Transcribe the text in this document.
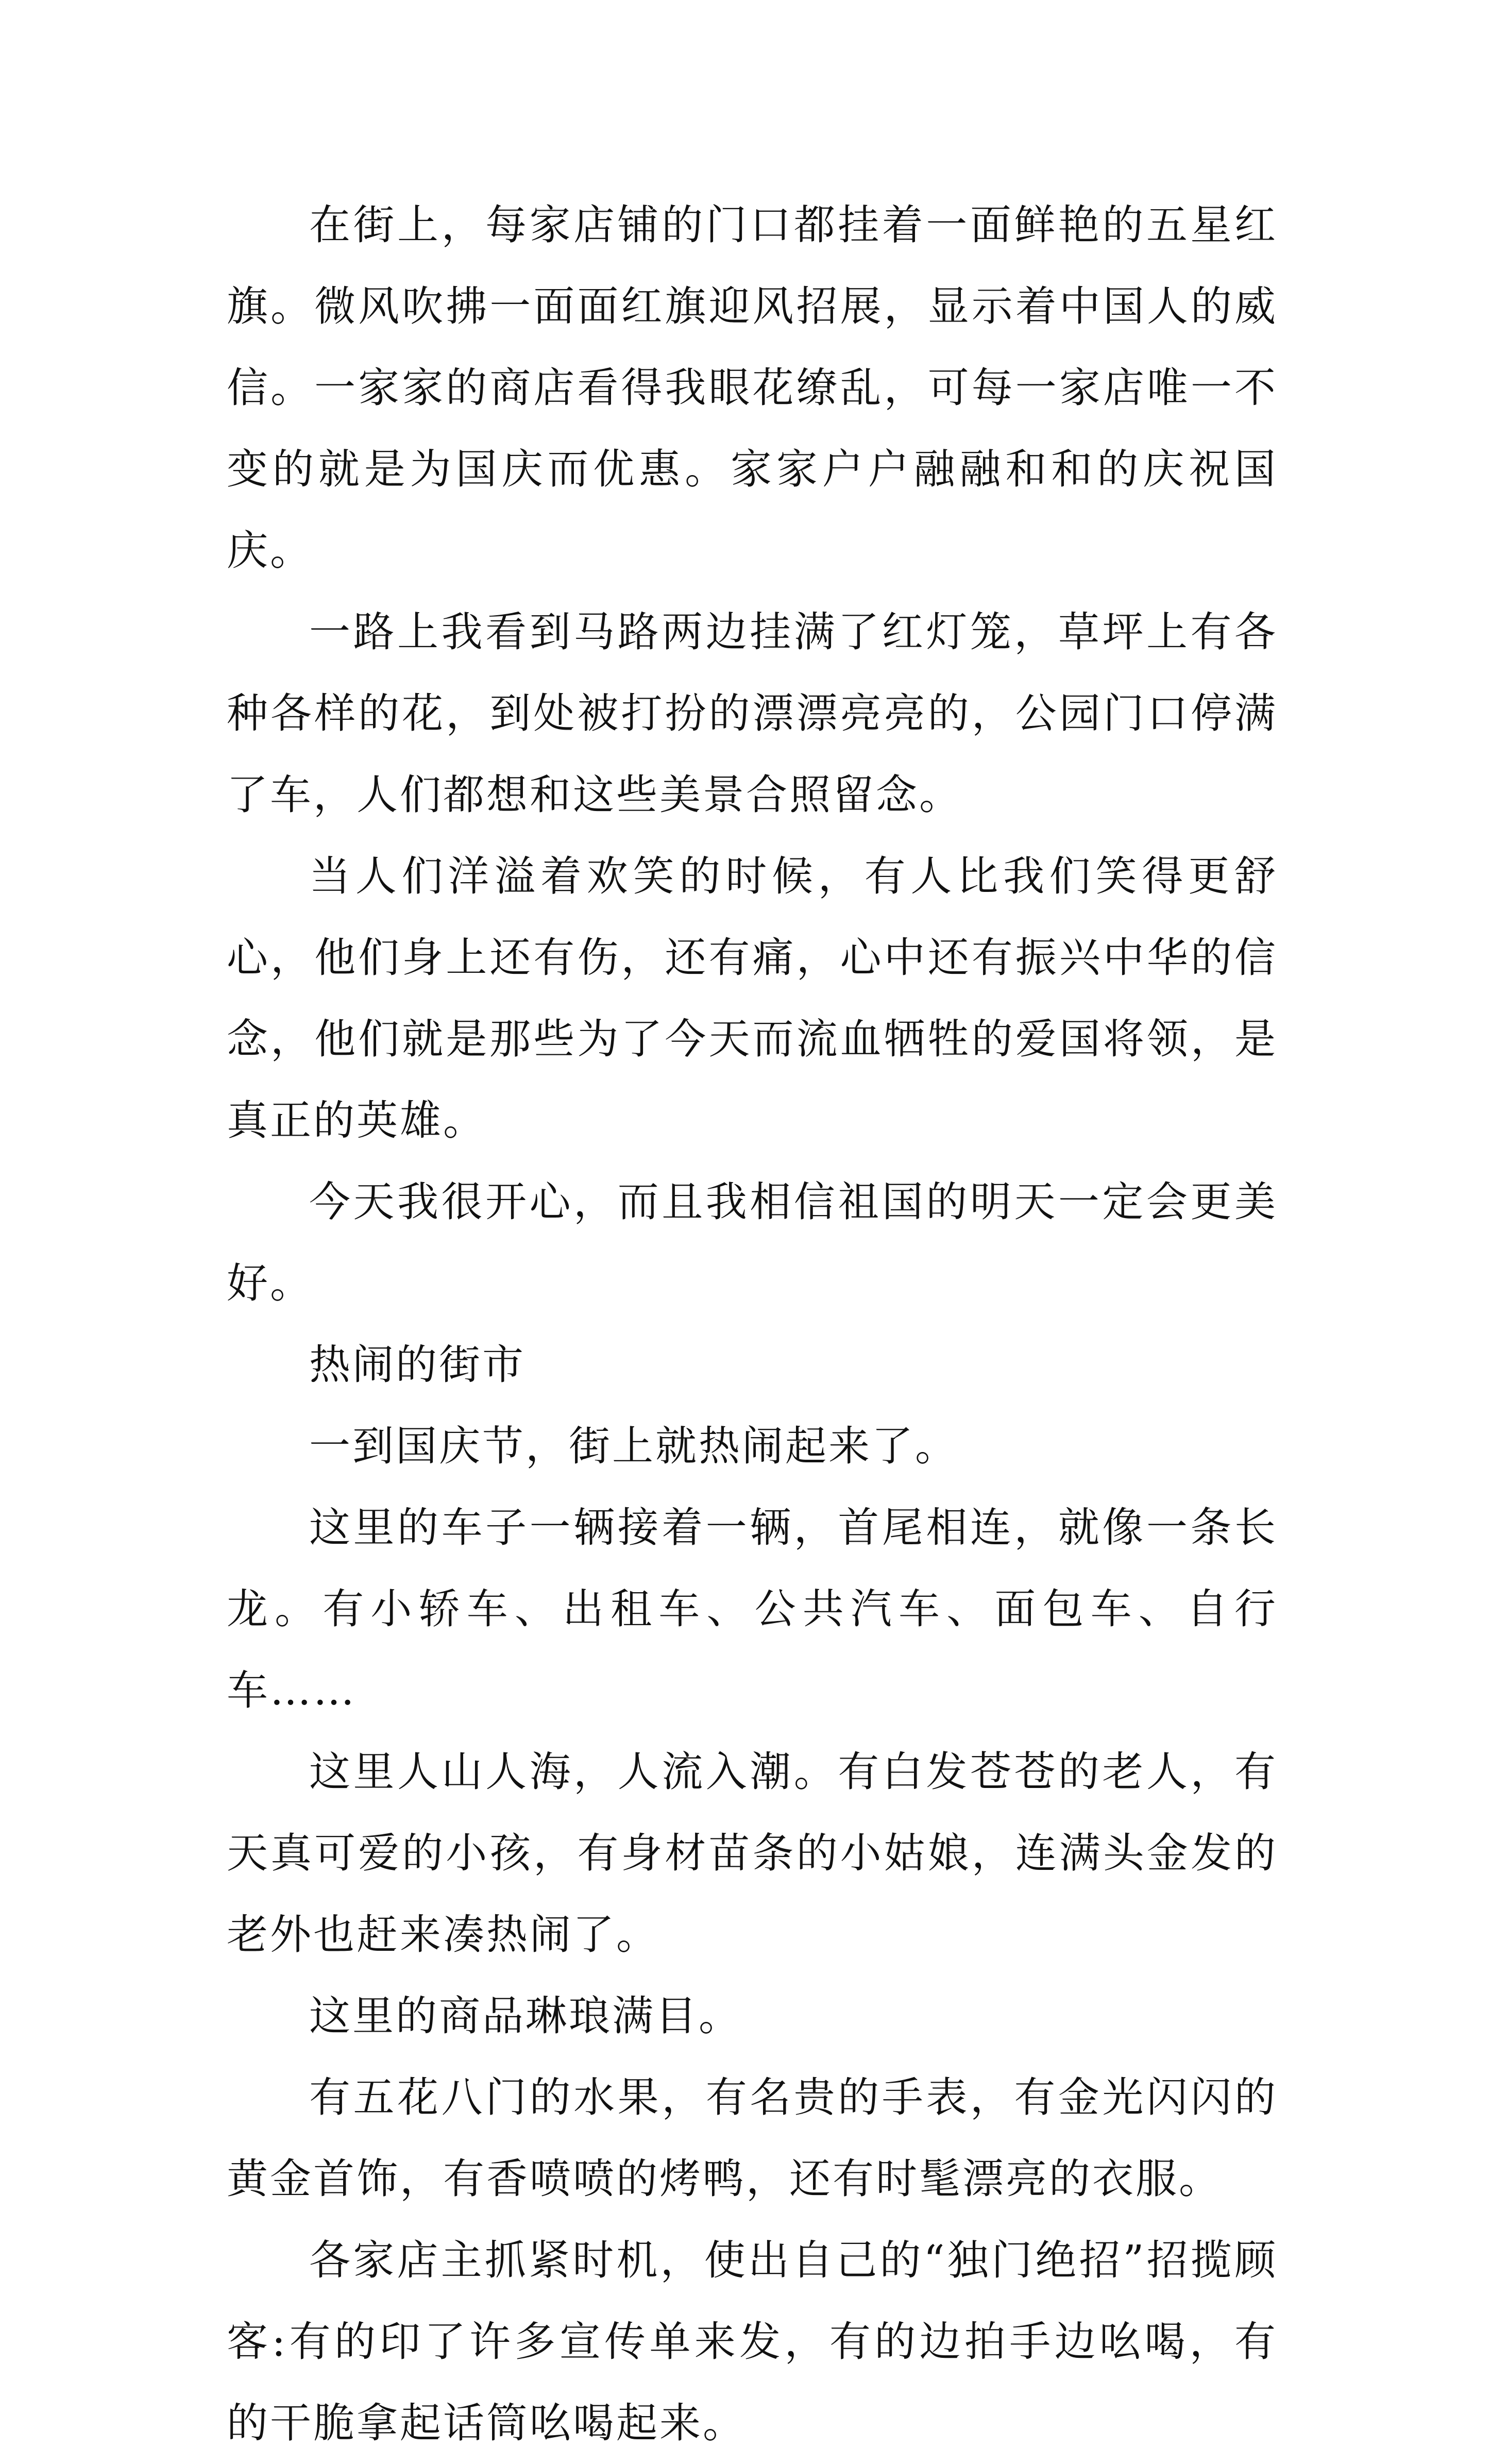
在街上，每家店铺的门口都挂着一面鲜艳的五星红旗。微风吹拂一面面红旗迎风招展，显示着中国人的威信。一家家的商店看得我眼花缭乱，可每一家店唯一不变的就是为国庆而优惠。家家户户融融和和的庆祝国庆。

一路上我看到马路两边挂满了红灯笼，草坪上有各种各样的花，到处被打扮的漂漂亮亮的，公园门口停满了车，人们都想和这些美景合照留念。

当人们洋溢着欢笑的时候，有人比我们笑得更舒心，他们身上还有伤，还有痛，心中还有振兴中华的信念，他们就是那些为了今天而流血牺牲的爱国将领，是真正的英雄。

今天我很开心，而且我相信祖国的明天一定会更美好。

热闹的街市

一到国庆节，街上就热闹起来了。

这里的车子一辆接着一辆，首尾相连，就像一条长龙。有小轿车、出租车、公共汽车、面包车、自行车……

这里人山人海，人流入潮。有白发苍苍的老人，有天真可爱的小孩，有身材苗条的小姑娘，连满头金发的老外也赶来凑热闹了。

这里的商品琳琅满目。

有五花八门的水果，有名贵的手表，有金光闪闪的黄金首饰，有香喷喷的烤鸭，还有时髦漂亮的衣服。

各家店主抓紧时机，使出自己的“独门绝招”招揽顾客:有的印了许多宣传单来发，有的边拍手边吆喝，有的干脆拿起话筒吆喝起来。
